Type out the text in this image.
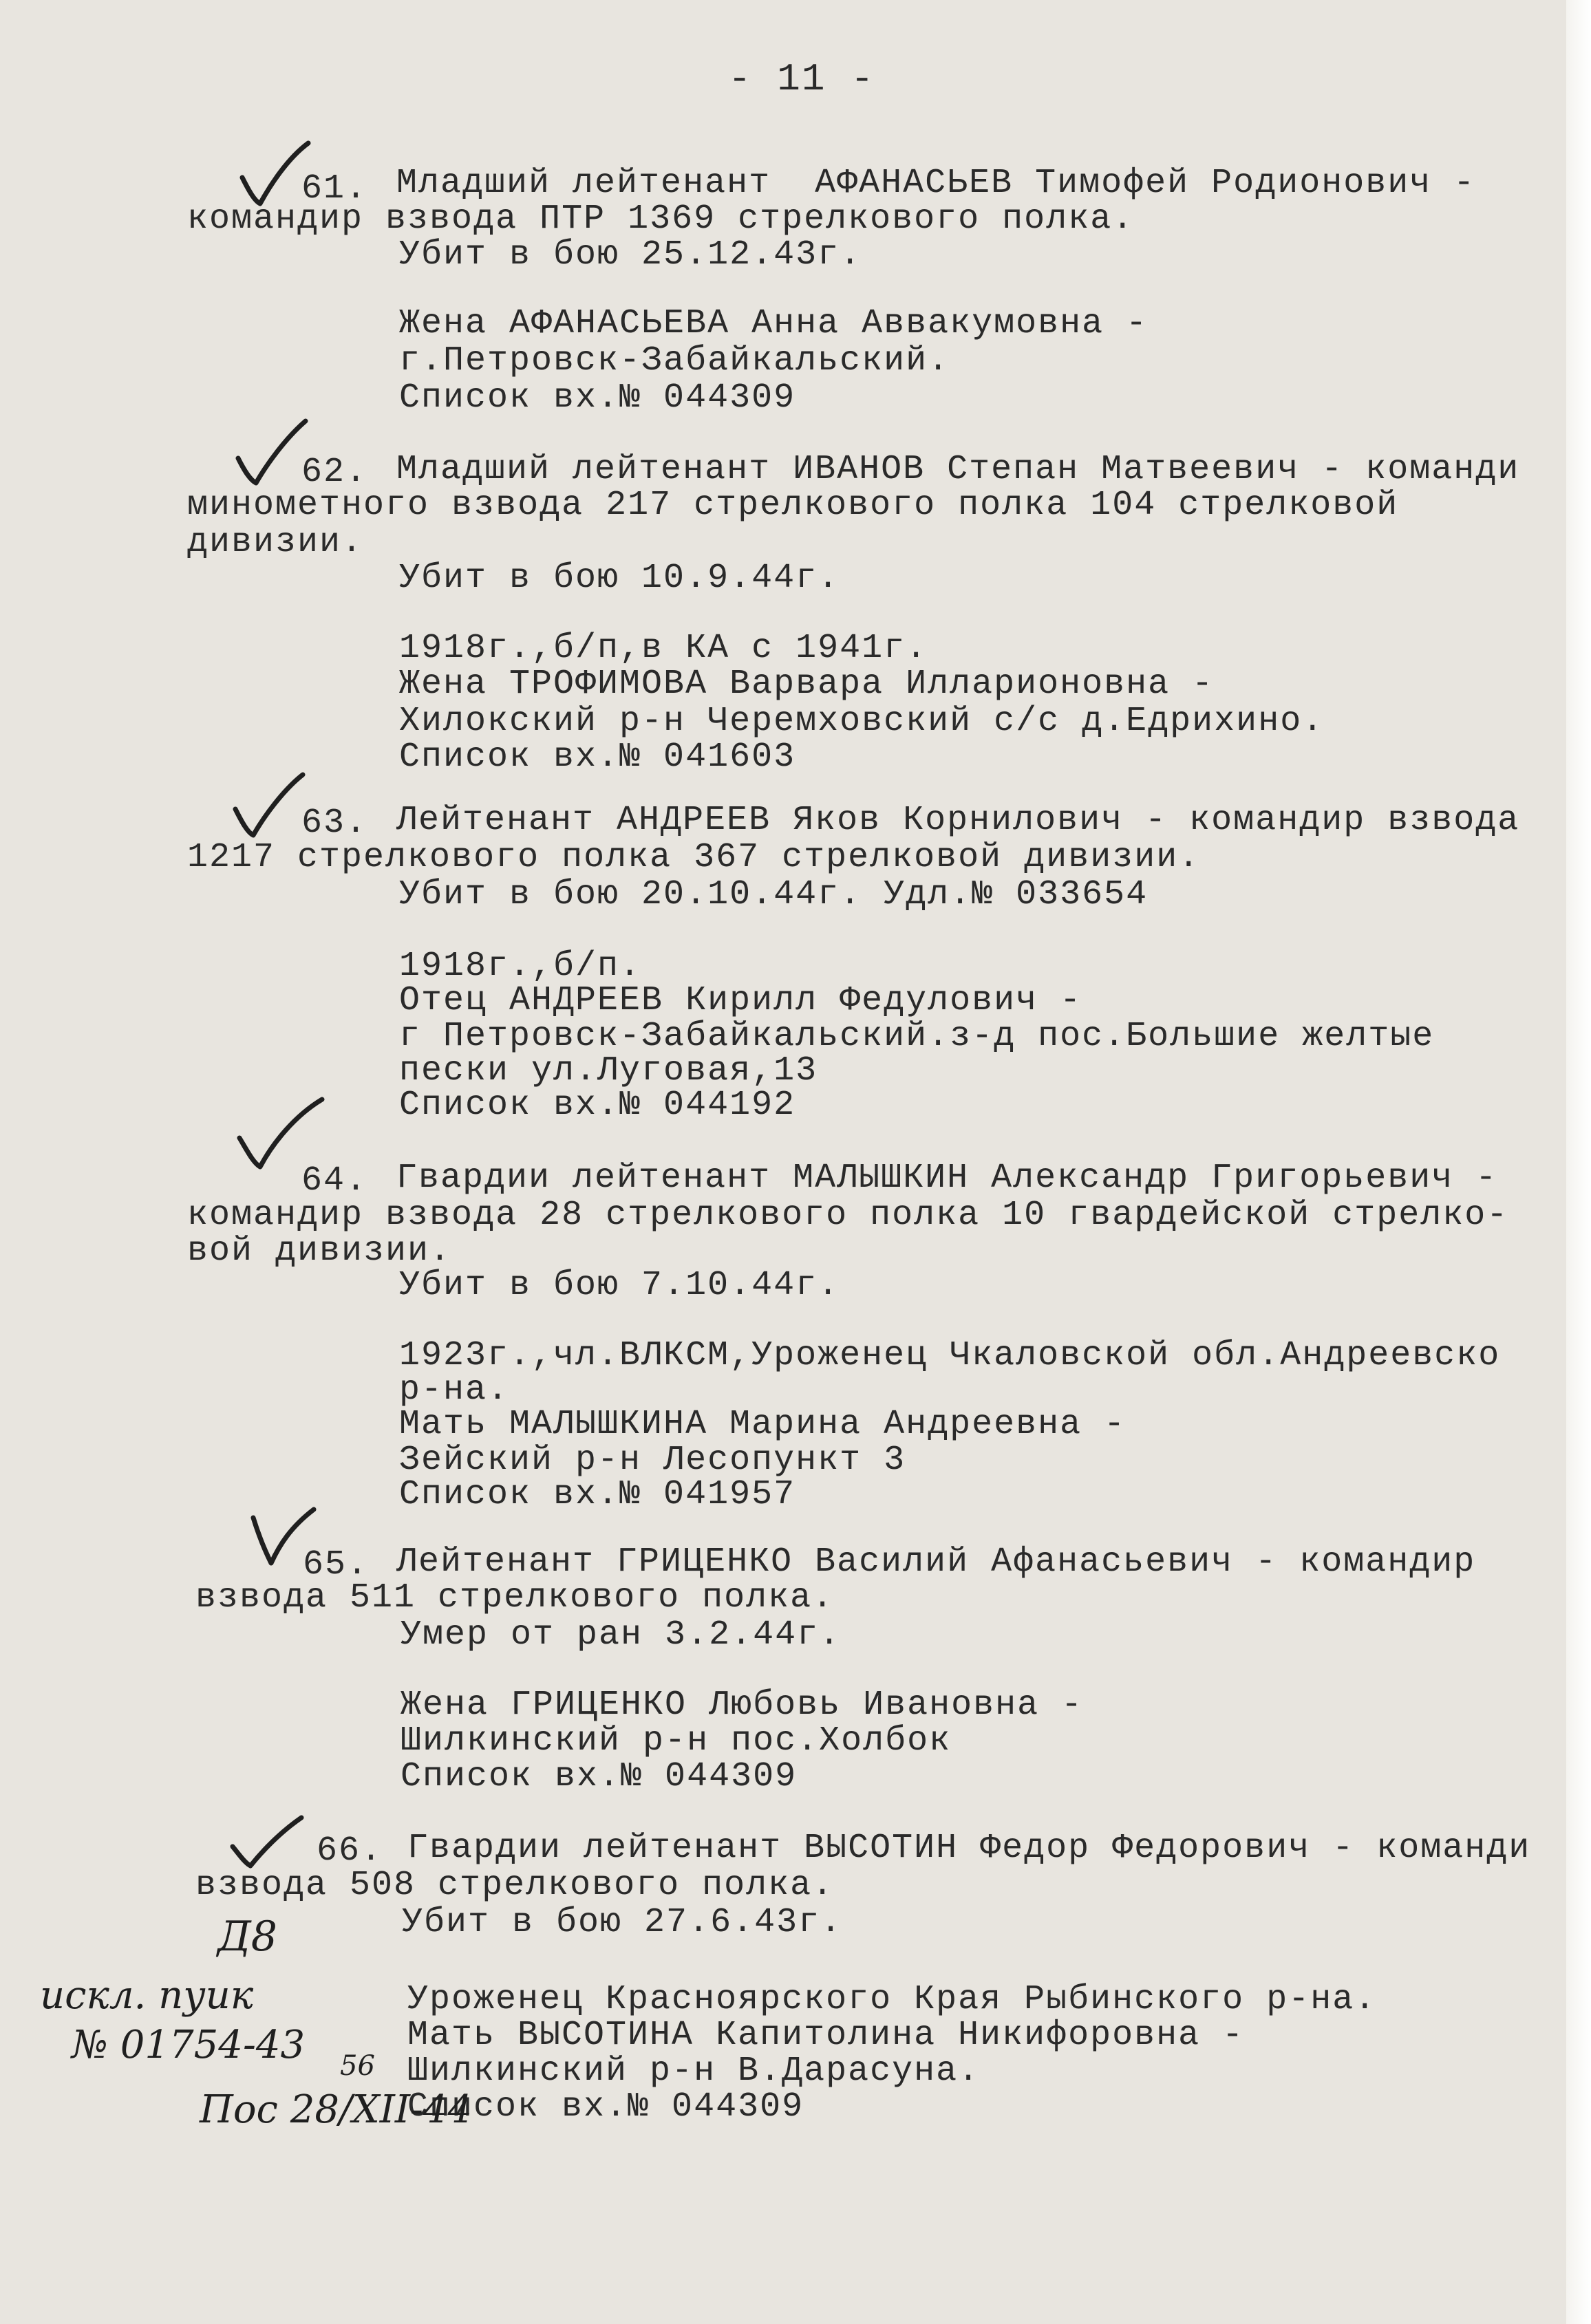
- 11 -
61. Младший лейтенант  АФАНАСЬЕВ Тимофей Родионович -
командир взвода ПТР 1369 стрелкового полка.
Убит в бою 25.12.43г.
Жена АФАНАСЬЕВА Анна Аввакумовна -
г.Петровск-Забайкальский.
Список вх.№ 044309
62. Младший лейтенант ИВАНОВ Степан Матвеевич - команди
минометного взвода 217 стрелкового полка 104 стрелковой
дивизии.
Убит в бою 10.9.44г.
1918г.,б/п,в КА с 1941г.
Жена ТРОФИМОВА Варвара Илларионовна -
Хилокский р-н Черемховский с/с д.Едрихино.
Список вх.№ 041603
63. Лейтенант АНДРЕЕВ Яков Корнилович - командир взвода
1217 стрелкового полка 367 стрелковой дивизии.
Убит в бою 20.10.44г. Удл.№ 033654
1918г.,б/п.
Отец АНДРЕЕВ Кирилл Федулович -
г Петровск-Забайкальский.з-д пос.Большие желтые
пески ул.Луговая,13
Список вх.№ 044192
64. Гвардии лейтенант МАЛЫШКИН Александр Григорьевич -
командир взвода 28 стрелкового полка 10 гвардейской стрелко-
вой дивизии.
Убит в бою 7.10.44г.
1923г.,чл.ВЛКСМ,Уроженец Чкаловской обл.Андреевско
р-на.
Мать МАЛЫШКИНА Марина Андреевна -
Зейский р-н Лесопункт 3
Список вх.№ 041957
65. Лейтенант ГРИЦЕНКО Василий Афанасьевич - командир
взвода 511 стрелкового полка.
Умер от ран 3.2.44г.
Жена ГРИЦЕНКО Любовь Ивановна -
Шилкинский р-н пос.Холбок
Список вх.№ 044309
66. Гвардии лейтенант ВЫСОТИН Федор Федорович - команди
взвода 508 стрелкового полка.
Убит в бою 27.6.43г.
Уроженец Красноярского Края Рыбинского р-на.
Мать ВЫСОТИНА Капитолина Никифоровна -
Шилкинский р-н В.Дарасуна.
Список вх.№ 044309
Д8
искл. пуик
№ 01754-43 56
Пос 28/XII-44
